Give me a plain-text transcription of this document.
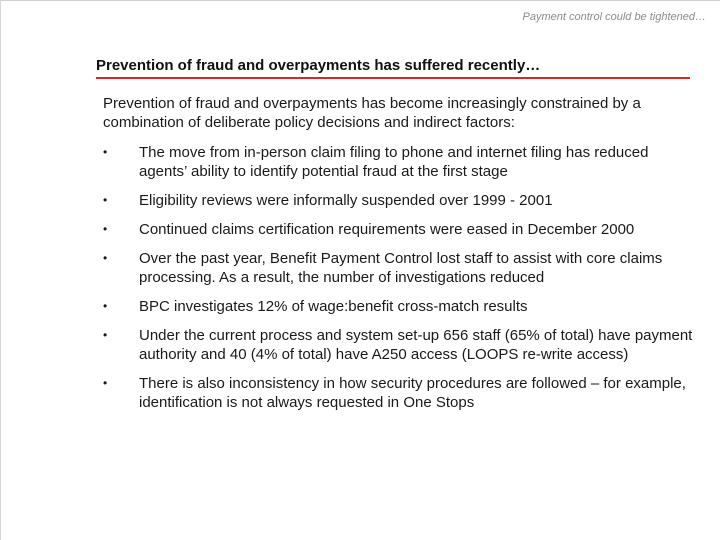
Payment control could be tightened…
Prevention of fraud and overpayments has suffered recently…
Prevention of fraud and overpayments has become increasingly constrained by a combination of deliberate policy decisions and indirect factors:
•	The move from in-person claim filing to phone and internet filing has reduced agents’ ability to identify potential fraud at the first stage
•	Eligibility reviews were informally suspended over 1999 - 2001
•	Continued claims certification requirements were eased in December 2000
•	Over the past year, Benefit Payment Control lost staff to assist with core claims processing. As a result, the number of investigations reduced
•	BPC investigates 12% of wage:benefit cross-match results
•	Under the current process and system set-up 656 staff (65% of total) have payment authority and 40 (4% of total) have A250 access (LOOPS re-write access)
•	There is also inconsistency in how security procedures are followed – for example, identification is not always requested in One Stops
